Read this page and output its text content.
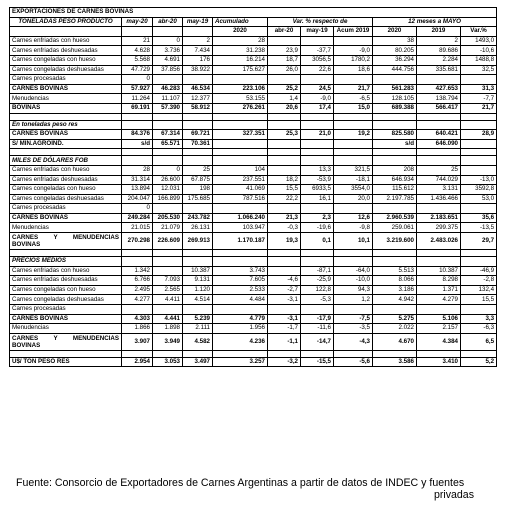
EXPORTACIONES DE CARNES BOVINAS										
TONELADAS PESO PRODUCTO	may-20	abr-20	may-19	Acumulado	Var. % respecto de			12 meses a MAYO		
				2020	abr-20	may-19	Acum 2019	2020	2019	Var.%
Carnes enfriadas con hueso	21	0	2	28				38	2	1493,0
Carnes enfriadas deshuesadas	4.628	3.736	7.434	31.238	23,9	-37,7	-9,0	80.205	89.686	-10,6
Carnes congeladas con hueso	5.568	4.691	176	16.214	18,7	3056,5	1780,2	36.294	2.284	1488,8
Carnes congeladas deshuesadas	47.729	37.856	38.922	175.627	26,0	22,6	18,6	444.756	335.681	32,5
Carnes procesadas	0									
CARNES BOVINAS	57.927	46.283	46.534	223.106	25,2	24,5	21,7	561.283	427.653	31,3
Menudencias	11.264	11.107	12.377	53.155	1,4	-9,0	-6,5	128.105	138.794	-7,7
BOVINAS	69.191	57.390	58.912	276.261	20,6	17,4	15,0	689.388	566.417	21,7

En toneladas peso res										
CARNES BOVINAS	84.376	67.314	69.721	327.351	25,3	21,0	19,2	825.580	640.421	28,9
S/ MIN.AGROIND.	s/d	65.571	70.361					s/d	646.090	

MILES DE DÓLARES FOB										
Carnes enfriadas con hueso	28	0	25	104		13,3	321,5	208	25	
Carnes enfriadas deshuesadas	31.314	26.600	67.875	237.551	18,2	-53,9	-18,1	646.934	744.029	-13,0
Carnes congeladas con hueso	13.894	12.031	198	41.069	15,5	6933,5	3554,0	115.612	3.131	3592,8
Carnes congeladas deshuesadas	204.047	166.899	175.685	787.516	22,2	16,1	20,0	2.197.785	1.436.466	53,0
Carnes procesadas	0									
CARNES BOVINAS	249.284	205.530	243.782	1.066.240	21,3	2,3	12,6	2.960.539	2.183.651	35,6
Menudencias	21.015	21.079	26.131	103.947	-0,3	-19,6	-9,8	259.061	299.375	-13,5
CARNES Y MENUDENCIAS BOVINAS	270.298	226.609	269.913	1.170.187	19,3	0,1	10,1	3.219.600	2.483.026	29,7

PRECIOS MEDIOS										
Carnes enfriadas con hueso	1.342		10.387	3.743		-87,1	-64,0	5.513	10.387	-46,9
Carnes enfriadas deshuesadas	6.766	7.093	9.131	7.605	-4,6	-25,9	-10,0	8.066	8.298	-2,8
Carnes congeladas con hueso	2.495	2.565	1.120	2.533	-2,7	122,8	94,3	3.186	1.371	132,4
Carnes congeladas deshuesadas	4.277	4.411	4.514	4.484	-3,1	-5,3	1,2	4.942	4.279	15,5
Carnes procesadas										
CARNES BOVINAS	4.303	4.441	5.239	4.779	-3,1	-17,9	-7,5	5.275	5.106	3,3
Menudencias	1.866	1.898	2.111	1.956	-1,7	-11,6	-3,5	2.022	2.157	-6,3
CARNES Y MENUDENCIAS BOVINAS	3.907	3.949	4.582	4.236	-1,1	-14,7	-4,3	4.670	4.384	6,5

U$/ TON PESO RES	2.954	3.053	3.497	3.257	-3,2	-15,5	-5,6	3.586	3.410	5,2
Fuente: Consorcio de Exportadores de Carnes Argentinas a partir de datos de INDEC y fuentes
privadas
